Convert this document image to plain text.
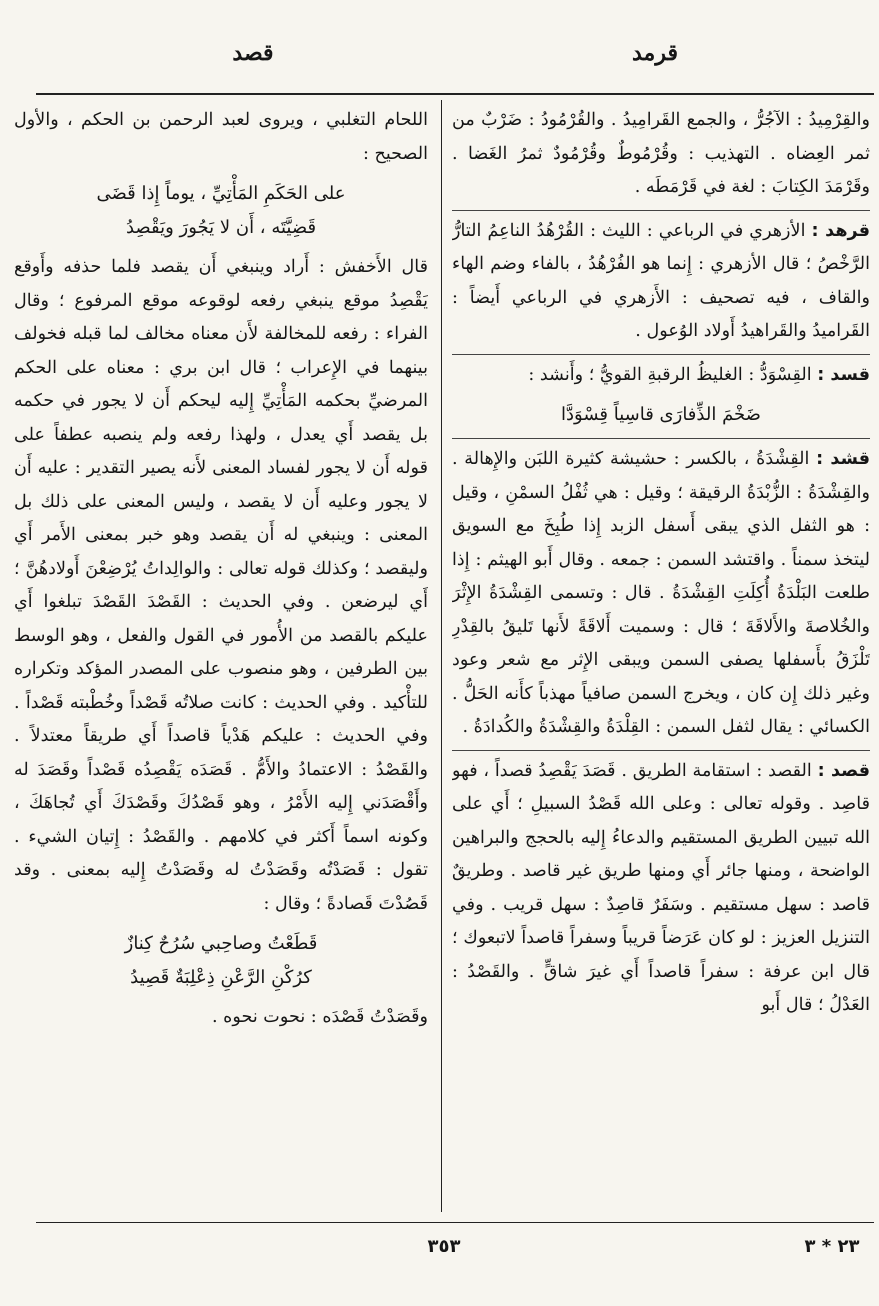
قرمد
قصد

والقِرْمِيدُ : الآجُرُّ ، والجمع القَرامِيدُ . والقُرْمُودُ : ضَرْبٌ من ثمر العِضاه . التهذيب : وقُرْمُوطٌ وقُرْمُودٌ ثمرُ الغَضا . وقَرْمَدَ الكِتابَ : لغة في قَرْمَطَه .

قرهد : الأزهري في الرباعي : الليث : القُرْهُدُ الناعِمُ التارُّ الرَّخْصُ ؛ قال الأزهري : إِنما هو الفُرْهُدُ ، بالفاء وضم الهاء والقاف ، فيه تصحيف : الأَزهري في الرباعي أَيضاً : القَراميدُ والقَراهيدُ أَولاد الوُعول .

قسد : القِسْوَدُّ : الغليظُ الرقبةِ القويُّ ؛ وأَنشد :

ضَخْمَ الذِّفارَى قاسِياً قِسْوَدَّا

قشد : القِشْدَةُ ، بالكسر : حشيشة كثيرة اللبَن والإِهالة . والقِشْدَةُ : الزُّبْدَةُ الرقيقة ؛ وقيل : هي ثُفْلُ السمْنِ ، وقيل : هو الثفل الذي يبقى أَسفل الزبد إِذا طُبِخَ مع السويق ليتخذ سمناً . واقتشد السمن : جمعه . وقال أَبو الهيثم : إِذا طلعت البَلْدَةُ أُكِلَتِ القِشْدَةُ . قال : وتسمى القِشْدَةُ الإِثْرَ والخُلاصةَ والأَلاقَةَ ؛ قال : وسميت أَلاقَةً لأَنها تَليقُ بالقِدْرِ تَلْزَقُ بأَسفلها يصفى السمن ويبقى الإِثر مع شعر وعود وغير ذلك إِن كان ، ويخرج السمن صافياً مهذباً كأَنه الحَلُّ . الكسائي : يقال لثفل السمن : القِلْدَةُ والقِشْدَةُ والكُدادَةُ .

قصد : القصد : استقامة الطريق . قَصَدَ يَقْصِدُ قصداً ، فهو قاصِد . وقوله تعالى : وعلى الله قَصْدُ السبيلِ ؛ أَي على الله تبيين الطريق المستقيم والدعاءُ إِليه بالحجج والبراهين الواضحة ، ومنها جائر أَي ومنها طريق غير قاصد . وطريقٌ قاصد : سهل مستقيم . وسَفَرٌ قاصِدٌ : سهل قريب . وفي التنزيل العزيز : لو كان عَرَضاً قريباً وسفراً قاصداً لاتبعوك ؛ قال ابن عرفة : سفراً قاصداً أَي غيرَ شاقٍّ . والقَصْدُ : العَدْلُ ؛ قال أَبو

اللحام التغلبي ، ويروى لعبد الرحمن بن الحكم ، والأول الصحيح :

على الحَكَمِ المَأْتِيِّ ، يوماً إِذا قَضَى
قَضِيَّتَه ، أَن لا يَجُورَ ويَقْصِدُ

قال الأَخفش : أَراد وينبغي أَن يقصد فلما حذفه وأَوقع يَقْصِدُ موقع ينبغي رفعه لوقوعه موقع المرفوع ؛ وقال الفراء : رفعه للمخالفة لأَن معناه مخالف لما قبله فخولف بينهما في الإِعراب ؛ قال ابن بري : معناه على الحكم المرضيِّ بحكمه المَأْتِيِّ إِليه ليحكم أَن لا يجور في حكمه بل يقصد أَي يعدل ، ولهذا رفعه ولم ينصبه عطفاً على قوله أَن لا يجور لفساد المعنى لأَنه يصير التقدير : عليه أَن لا يجور وعليه أَن لا يقصد ، وليس المعنى على ذلك بل المعنى : وينبغي له أَن يقصد وهو خبر بمعنى الأَمر أَي وليقصد ؛ وكذلك قوله تعالى : والوالِداتُ يُرْضِعْنَ أَولادهُنَّ ؛ أَي ليرضعن . وفي الحديث : القَصْدَ القَصْدَ تبلغوا أَي عليكم بالقصد من الأُمور في القول والفعل ، وهو الوسط بين الطرفين ، وهو منصوب على المصدر المؤكد وتكراره للتأْكيد . وفي الحديث : كانت صلاتُه قَصْداً وخُطْبته قَصْداً . وفي الحديث : عليكم هَدْياً قاصداً أَي طريقاً معتدلاً . والقَصْدُ : الاعتمادُ والأَمُّ . قَصَدَه يَقْصِدُه قَصْداً وقَصَدَ له وأَقْصَدَني إِليه الأَمْرُ ، وهو قَصْدُكَ وقَصْدَكَ أَي تُجاهَكَ ، وكونه اسماً أَكثر في كلامهم . والقَصْدُ : إِتيان الشيء . تقول : قَصَدْتُه وقَصَدْتُ له وقَصَدْتُ إِليه بمعنى . وقد قَصُدْتَ قَصادةً ؛ وقال :

قَطَعْتُ وصاحِبي سُرُحٌ كِنازٌ
كرُكْنِ الرَّعْنِ ذِعْلِبَةٌ قَصِيدُ

وقَصَدْتُ قَصْدَه : نحوت نحوه .

٣٥٣	٢٣ * ٣
